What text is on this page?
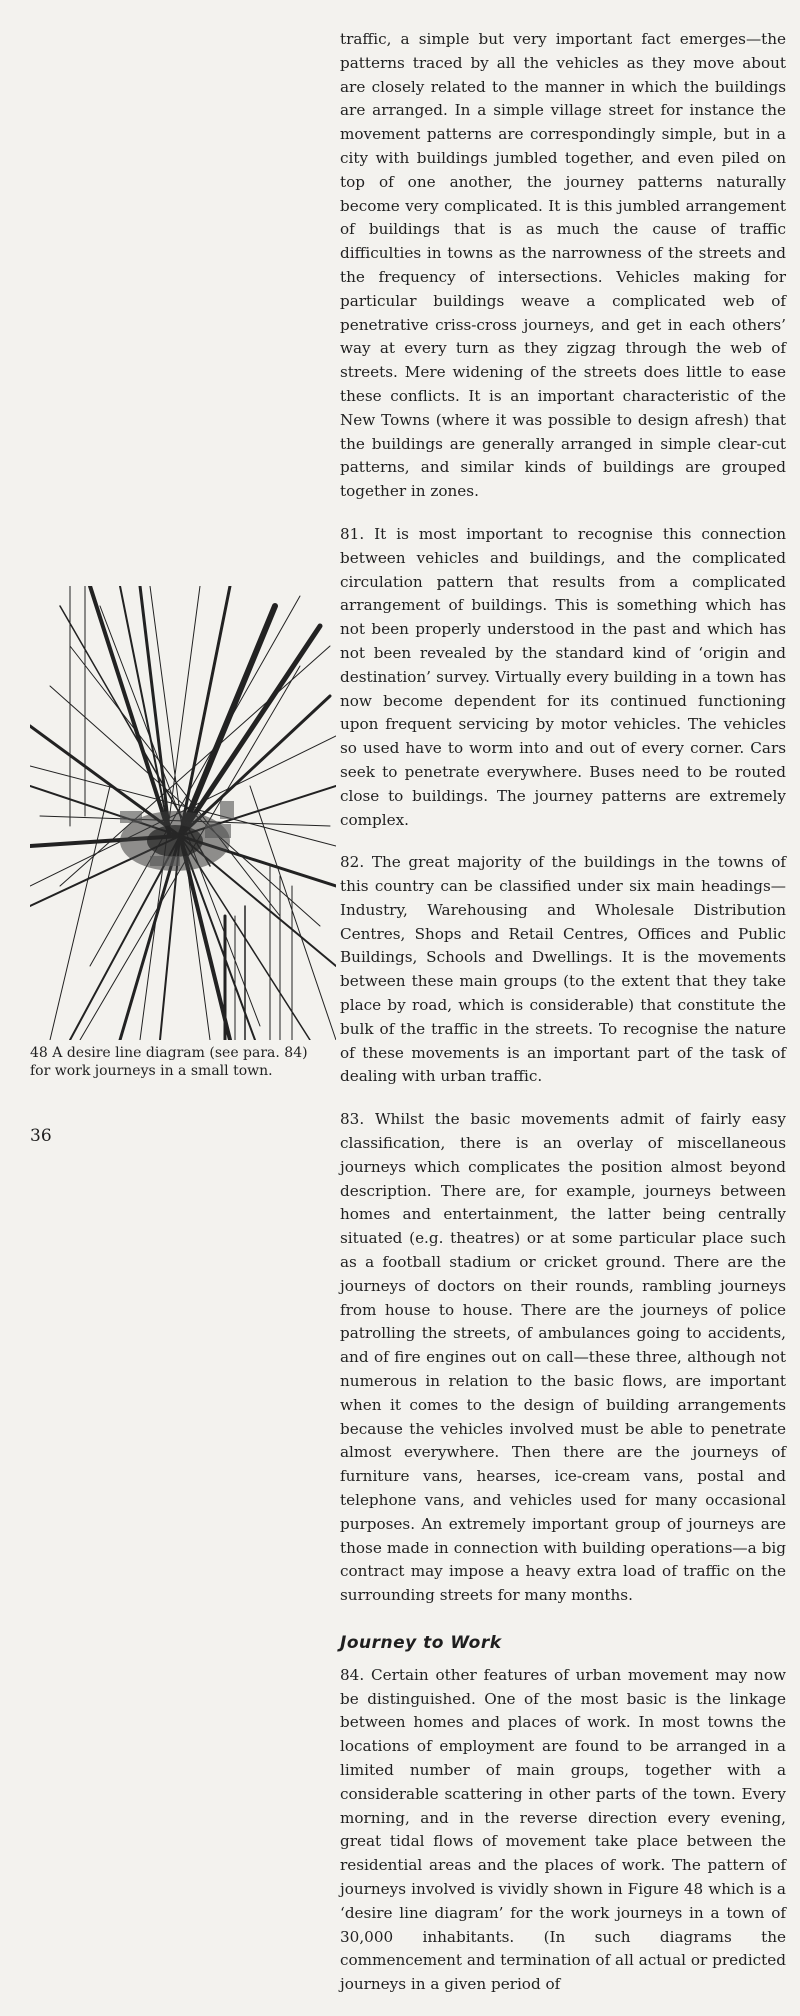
traffic, a simple but very important fact emerges—the patterns traced by all the vehicles as they move about are closely related to the manner in which the buildings are arranged. In a simple village street for instance the movement patterns are correspondingly simple, but in a city with buildings jumbled together, and even piled on top of one another, the journey patterns naturally become very complicated. It is this jumbled arrangement of buildings that is as much the cause of traffic difficulties in towns as the narrowness of the streets and the frequency of intersections. Vehicles making for particular buildings weave a complicated web of penetrative criss-cross journeys, and get in each others’ way at every turn as they zigzag through the web of streets. Mere widening of the streets does little to ease these conflicts. It is an important characteristic of the New Towns (where it was possible to design afresh) that the buildings are generally arranged in simple clear-cut patterns, and similar kinds of buildings are grouped together in zones.

81. It is most important to recognise this connection between vehicles and buildings, and the complicated circulation pattern that results from a complicated arrangement of buildings. This is something which has not been properly understood in the past and which has not been revealed by the standard kind of ‘origin and destination’ survey. Virtually every building in a town has now become dependent for its continued functioning upon frequent servicing by motor vehicles. The vehicles so used have to worm into and out of every corner. Cars seek to penetrate everywhere. Buses need to be routed close to buildings. The journey patterns are extremely complex.

82. The great majority of the buildings in the towns of this country can be classified under six main headings—Industry, Warehousing and Wholesale Distribution Centres, Shops and Retail Centres, Offices and Public Buildings, Schools and Dwellings. It is the movements between these main groups (to the extent that they take place by road, which is considerable) that constitute the bulk of the traffic in the streets. To recognise the nature of these movements is an important part of the task of dealing with urban traffic.

83. Whilst the basic movements admit of fairly easy classification, there is an overlay of miscellaneous journeys which complicates the position almost beyond description. There are, for example, journeys between homes and entertainment, the latter being centrally situated (e.g. theatres) or at some particular place such as a football stadium or cricket ground. There are the journeys of doctors on their rounds, rambling journeys from house to house. There are the journeys of police patrolling the streets, of ambulances going to accidents, and of fire engines out on call—these three, although not numerous in relation to the basic flows, are important when it comes to the design of building arrangements because the vehicles involved must be able to penetrate almost everywhere. Then there are the journeys of furniture vans, hearses, ice-cream vans, postal and telephone vans, and vehicles used for many occasional purposes. An extremely important group of journeys are those made in connection with building operations—a big contract may impose a heavy extra load of traffic on the surrounding streets for many months.

Journey to Work

84. Certain other features of urban movement may now be distinguished. One of the most basic is the linkage between homes and places of work. In most towns the locations of employment are found to be arranged in a limited number of main groups, together with a considerable scattering in other parts of the town. Every morning, and in the reverse direction every evening, great tidal flows of movement take place between the residential areas and the places of work. The pattern of journeys involved is vividly shown in Figure 48 which is a ‘desire line diagram’ for the work journeys in a town of 30,000 inhabitants. (In such diagrams the commencement and termination of all actual or predicted journeys in a given period of

48 A desire line diagram (see para. 84) for work journeys in a small town.
36
